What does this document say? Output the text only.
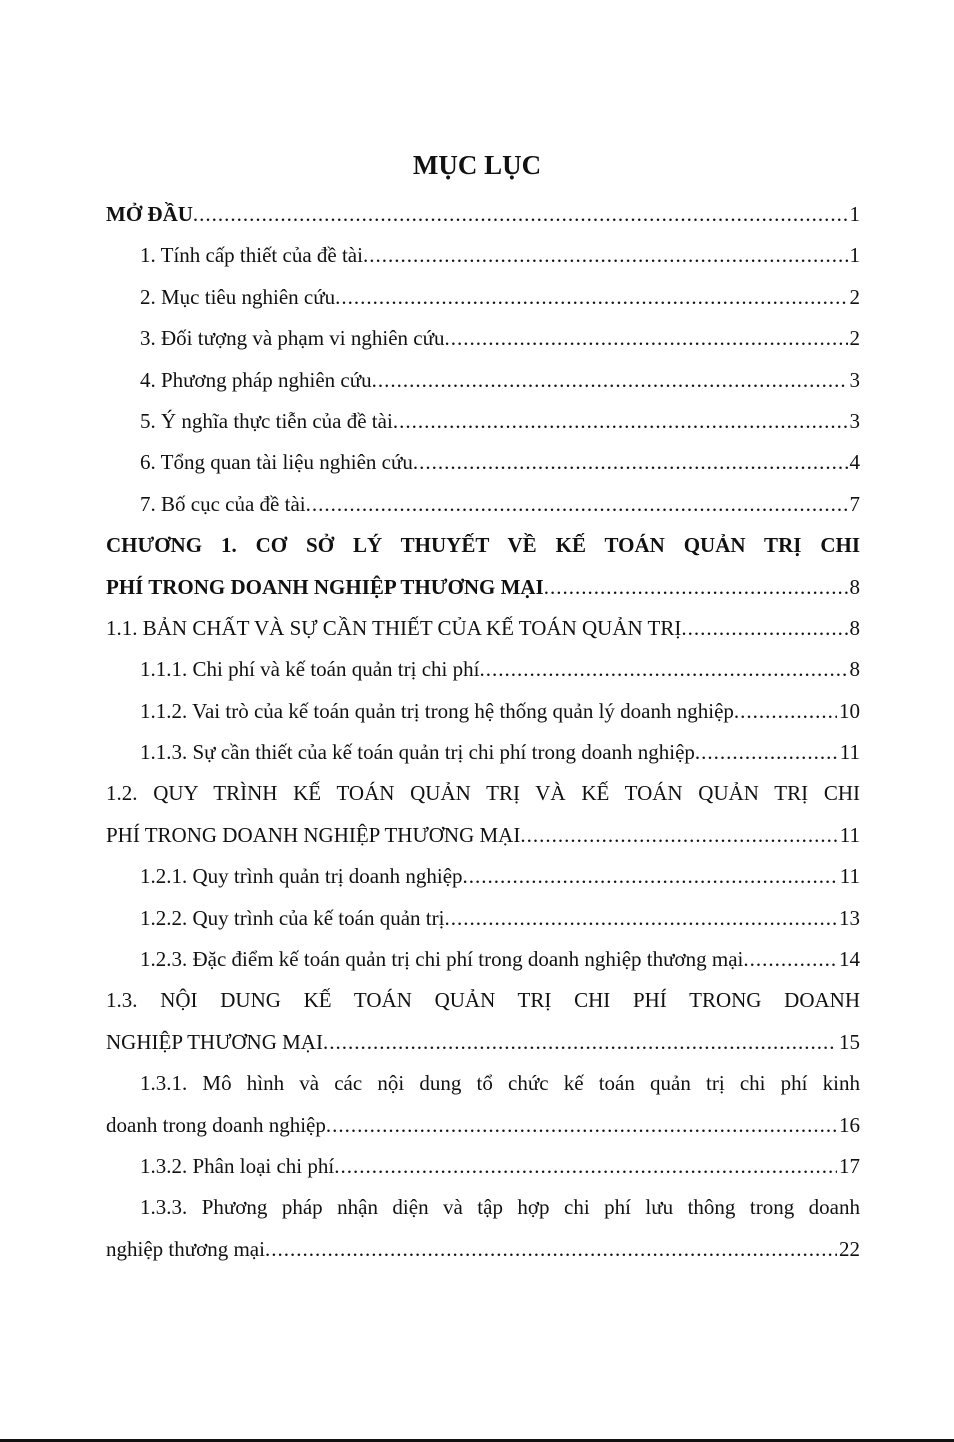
MỤC LỤC
MỞ ĐẦU .....	1
1. Tính cấp thiết của đề tài .....	1
2. Mục tiêu nghiên cứu .....	2
3. Đối tượng và phạm vi nghiên cứu .....	2
4. Phương pháp nghiên cứu .....	3
5. Ý nghĩa thực tiễn của đề tài .....	3
6. Tổng quan tài liệu nghiên cứu .....	4
7. Bố cục của đề tài .....	7
CHƯƠNG 1. CƠ SỞ LÝ THUYẾT VỀ KẾ TOÁN QUẢN TRỊ CHI
PHÍ TRONG DOANH NGHIỆP THƯƠNG MẠI .....	8
1.1. BẢN CHẤT VÀ SỰ CẦN THIẾT CỦA KẾ TOÁN QUẢN TRỊ .....	8
1.1.1. Chi phí và kế toán quản trị chi phí .....	8
1.1.2. Vai trò của kế toán quản trị trong hệ thống quản lý doanh nghiệp .....	10
1.1.3. Sự cần thiết của kế toán quản trị chi phí trong doanh nghiệp .....	11
1.2. QUY TRÌNH KẾ TOÁN QUẢN TRỊ VÀ KẾ TOÁN QUẢN TRỊ CHI
PHÍ TRONG DOANH NGHIỆP THƯƠNG MẠI .....	11
1.2.1. Quy trình quản trị doanh nghiệp .....	11
1.2.2. Quy trình của kế toán quản trị .....	13
1.2.3. Đặc điểm kế toán quản trị chi phí trong doanh nghiệp thương mại .....	14
1.3. NỘI DUNG KẾ TOÁN QUẢN TRỊ CHI PHÍ TRONG DOANH
NGHIỆP THƯƠNG MẠI .....	15
1.3.1. Mô hình và các nội dung tổ chức kế toán quản trị chi phí kinh
doanh trong doanh nghiệp .....	16
1.3.2. Phân loại chi phí .....	17
1.3.3. Phương pháp nhận diện và tập hợp chi phí lưu thông trong doanh
nghiệp thương mại .....	22
